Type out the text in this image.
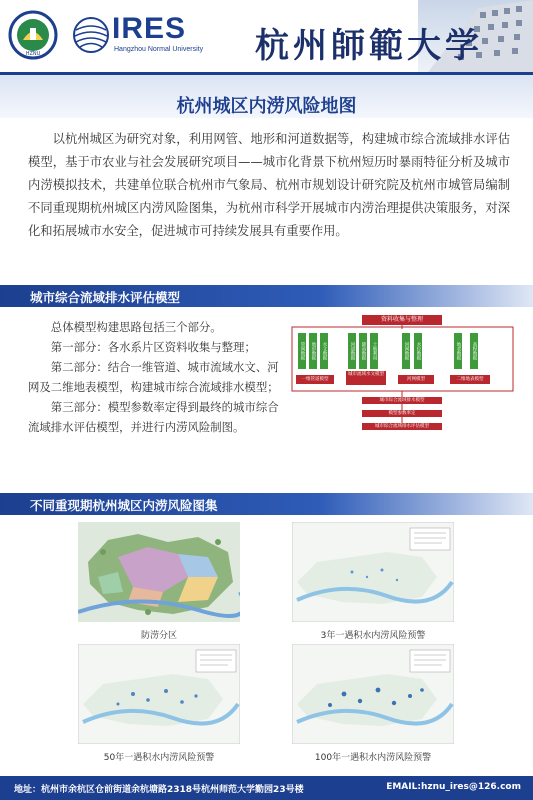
HZNU
IRES
Hangzhou Normal University 杭州師範大学
杭州城区内涝风险地图

以杭州城区为研究对象，利用网管、地形和河道数据等，构建城市综合流域排水评估模型，基于市农业与社会发展研究项目——城市化背景下杭州短历时暴雨特征分析及城市内涝模拟技术，共建单位联合杭州市气象局、杭州市规划设计研究院及杭州市城管局编制不同重现期杭州城区内涝风险图集，为杭州市科学开展城市内涝治理提供决策服务，对深化和拓展城市水安全，促进城市可持续发展具有重要作用。

城市综合流域排水评估模型

总体模型构建思路包括三个部分。

第一部分：各水系片区资料收集与整理；

第二部分：结合一维管道、城市流域水文、河网及二维地表模型，构建城市综合流域排水模型；

第三部分：模型参数率定得到最终的城市综合流域排水评估模型，并进行内涝风险制图。

资料收集与整理
管网数据	地形数据	水文数据
一维管道模型
河道数据	降雨数据	土地利用
城市流域水文模型
河网数据	水位数据
河网模型
地表数据	高程数据
二维地表模型
城市综合流域排水模型
模型参数率定
城市综合流域排水评估模型
不同重现期杭州城区内涝风险图集
防涝分区	3年一遇积水内涝风险预警
50年一遇积水内涝风险预警	100年一遇积水内涝风险预警
地址：杭州市余杭区仓前街道余杭塘路2318号杭州师范大学勤园23号楼	EMAIL:hznu_ires@126.com
